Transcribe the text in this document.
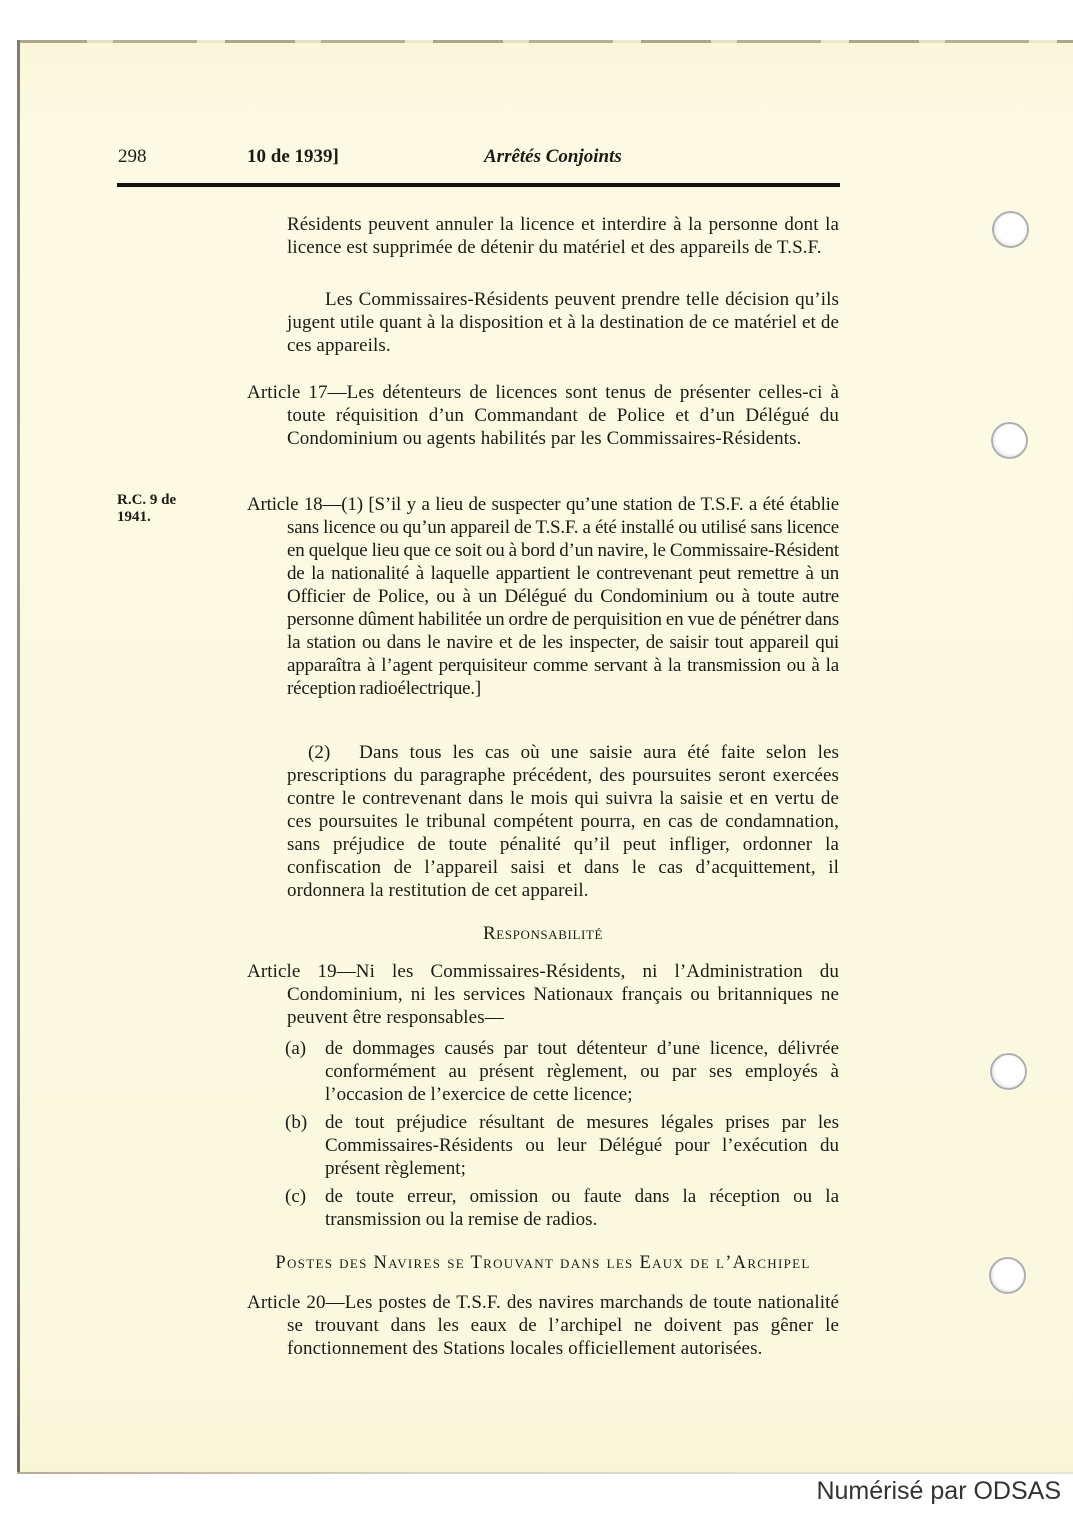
298	10 de 1939]	Arrêtés Conjoints
Résidents peuvent annuler la licence et interdire à la personne dont la licence est supprimée de détenir du matériel et des appareils de T.S.F.
Les Commissaires-Résidents peuvent prendre telle décision qu’ils jugent utile quant à la disposition et à la destination de ce matériel et de ces appareils.
Article 17—Les détenteurs de licences sont tenus de présenter celles-ci à toute réquisition d’un Commandant de Police et d’un Délégué du Condominium ou agents habilités par les Commissaires-Résidents.
R.C. 9 de
1941.
Article 18—(1) [S’il y a lieu de suspecter qu’une station de T.S.F. a été établie sans licence ou qu’un appareil de T.S.F. a été installé ou utilisé sans licence en quelque lieu que ce soit ou à bord d’un navire, le Commissaire-Résident de la nationalité à laquelle appartient le contrevenant peut remettre à un Officier de Police, ou à un Délégué du Condominium ou à toute autre personne dûment habilitée un ordre de perquisition en vue de pénétrer dans la station ou dans le navire et de les inspecter, de saisir tout appareil qui apparaîtra à l’agent perquisiteur comme servant à la transmission ou à la réception radioélectrique.]
(2)  Dans tous les cas où une saisie aura été faite selon les prescriptions du paragraphe précédent, des poursuites seront exercées contre le contrevenant dans le mois qui suivra la saisie et en vertu de ces poursuites le tribunal compétent pourra, en cas de condamnation, sans préjudice de toute pénalité qu’il peut infliger, ordonner la confiscation de l’appareil saisi et dans le cas d’acquittement, il ordonnera la restitution de cet appareil.
Responsabilité
Article 19—Ni les Commissaires-Résidents, ni l’Administration du Condominium, ni les services Nationaux français ou britanniques ne peuvent être responsables—
(a) de dommages causés par tout détenteur d’une licence, délivrée conformément au présent règlement, ou par ses employés à l’occasion de l’exercice de cette licence;
(b) de tout préjudice résultant de mesures légales prises par les Commissaires-Résidents ou leur Délégué pour l’exécution du présent règlement;
(c) de toute erreur, omission ou faute dans la réception ou la transmission ou la remise de radios.
Postes des Navires se Trouvant dans les Eaux de l’Archipel
Article 20—Les postes de T.S.F. des navires marchands de toute nationalité se trouvant dans les eaux de l’archipel ne doivent pas gêner le fonctionnement des Stations locales officiellement autorisées.
Numérisé par ODSAS
